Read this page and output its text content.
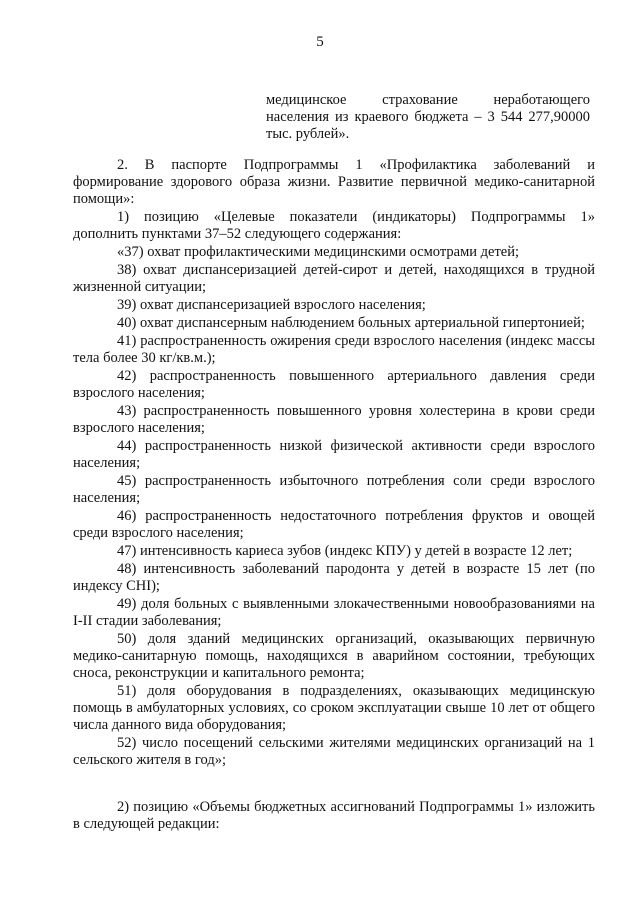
5

медицинское страхование неработающего

населения из краевого бюджета – 3 544 277,90000

тыс. рублей».

2. В паспорте Подпрограммы 1 «Профилактика заболеваний и формирование здорового образа жизни. Развитие первичной медико-санитарной помощи»:

1) позицию «Целевые показатели (индикаторы) Подпрограммы 1» дополнить пунктами 37–52 следующего содержания:

«37) охват профилактическими медицинскими осмотрами детей;

38) охват диспансеризацией детей-сирот и детей, находящихся в трудной жизненной ситуации;

39) охват диспансеризацией взрослого населения;

40) охват диспансерным наблюдением больных артериальной гипертонией;

41) распространенность ожирения среди взрослого населения (индекс массы тела более 30 кг/кв.м.);

42) распространенность повышенного артериального давления среди взрослого населения;

43) распространенность повышенного уровня холестерина в крови среди взрослого населения;

44) распространенность низкой физической активности среди взрослого населения;

45) распространенность избыточного потребления соли среди взрослого населения;

46) распространенность недостаточного потребления фруктов и овощей среди взрослого населения;

47) интенсивность кариеса зубов (индекс КПУ) у детей в возрасте 12 лет;

48) интенсивность заболеваний пародонта у детей в возрасте 15 лет (по индексу СНI);

49) доля больных с выявленными злокачественными новообразованиями на I-II стадии заболевания;

50) доля зданий медицинских организаций, оказывающих первичную медико-санитарную помощь, находящихся в аварийном состоянии, требующих сноса, реконструкции и капитального ремонта;

51) доля оборудования в подразделениях, оказывающих медицинскую помощь в амбулаторных условиях, со сроком эксплуатации свыше 10 лет от общего числа данного вида оборудования;

52) число посещений сельскими жителями медицинских организаций на 1 сельского жителя в год»;

2) позицию «Объемы бюджетных ассигнований Подпрограммы 1» изложить в следующей редакции:
